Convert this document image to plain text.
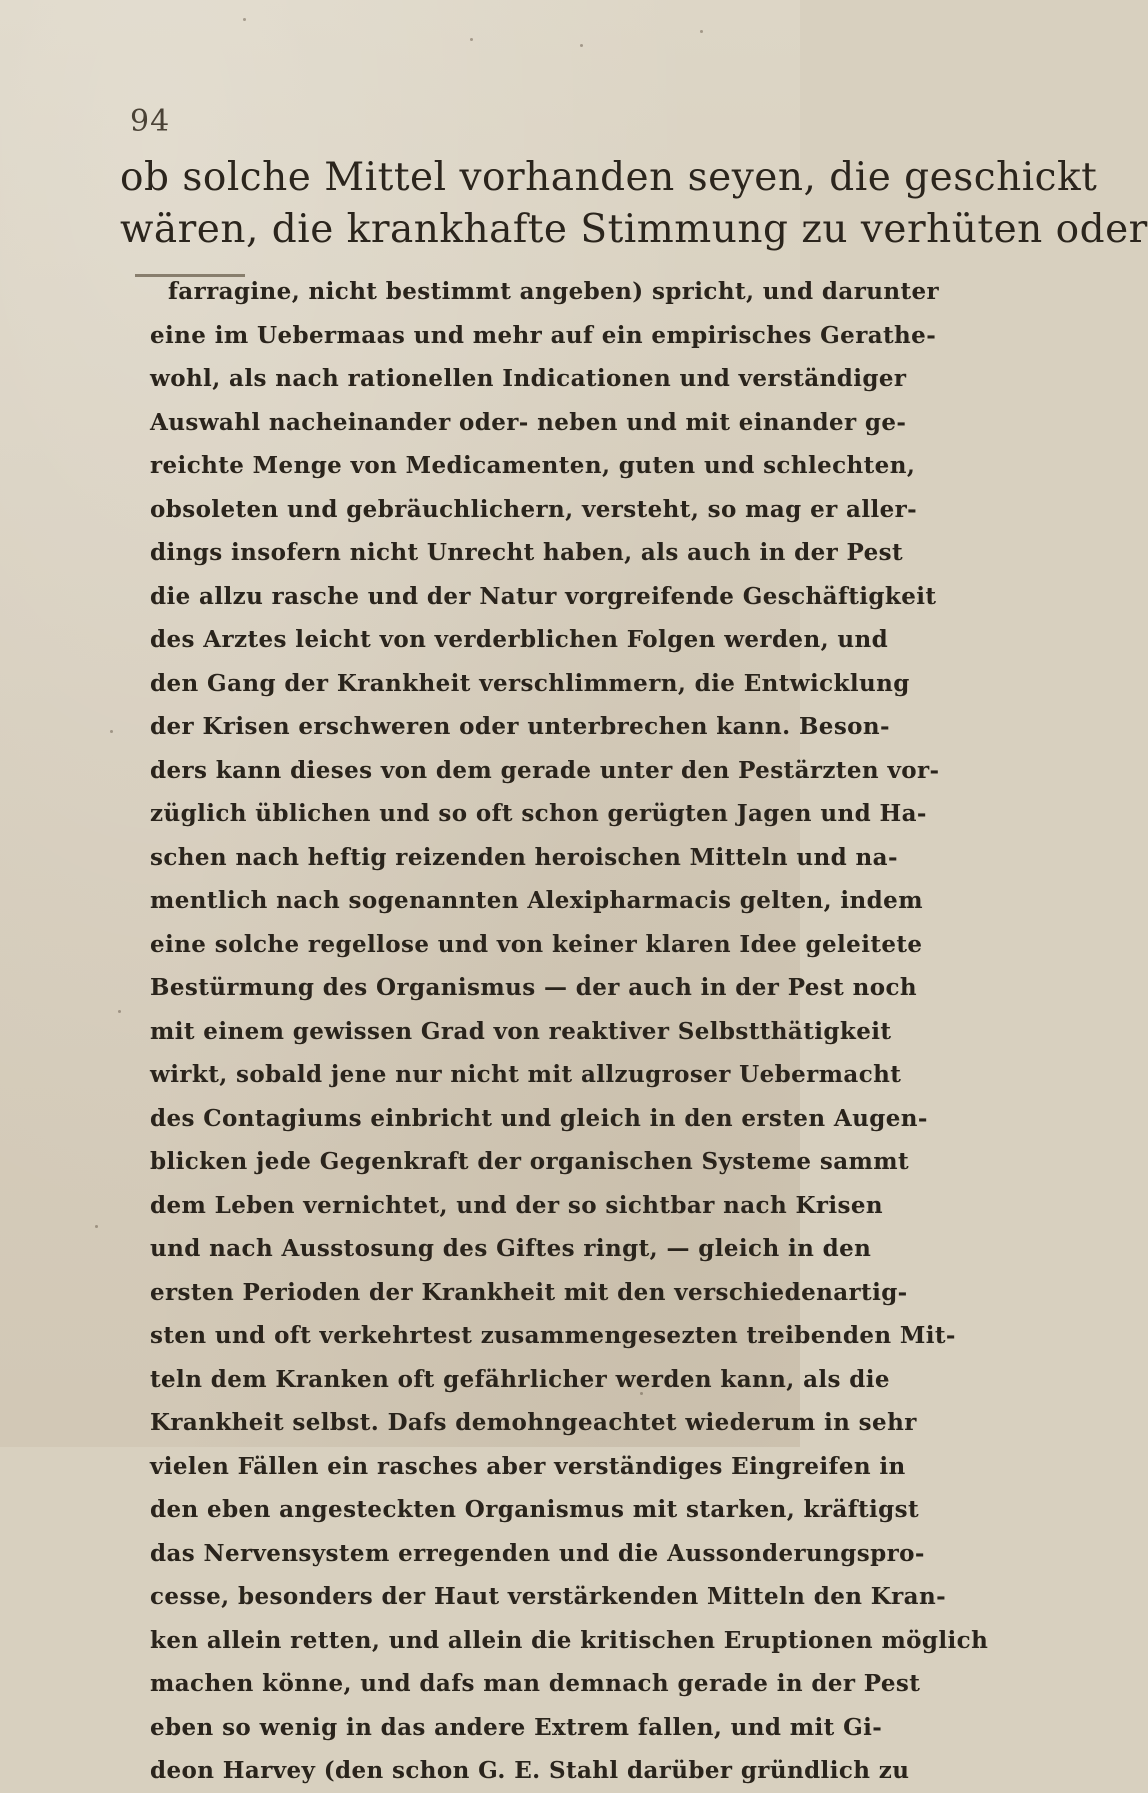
94
ob solche Mittel vorhanden seyen, die geschickt
wären, die krankhafte Stimmung zu verhüten oder
farragine, nicht bestimmt angeben) spricht, und darunter
eine im Uebermaas und mehr auf ein empirisches Gerathe-
wohl, als nach rationellen Indicationen und verständiger
Auswahl nacheinander oder- neben und mit einander ge-
reichte Menge von Medicamenten, guten und schlechten,
obsoleten und gebräuchlichern, versteht, so mag er aller-
dings insofern nicht Unrecht haben, als auch in der Pest
die allzu rasche und der Natur vorgreifende Geschäftigkeit
des Arztes leicht von verderblichen Folgen werden, und
den Gang der Krankheit verschlimmern, die Entwicklung
der Krisen erschweren oder unterbrechen kann. Beson-
ders kann dieses von dem gerade unter den Pestärzten vor-
züglich üblichen und so oft schon gerügten Jagen und Ha-
schen nach heftig reizenden heroischen Mitteln und na-
mentlich nach sogenannten Alexipharmacis gelten, indem
eine solche regellose und von keiner klaren Idee geleitete
Bestürmung des Organismus — der auch in der Pest noch
mit einem gewissen Grad von reaktiver Selbstthätigkeit
wirkt, sobald jene nur nicht mit allzugroser Uebermacht
des Contagiums einbricht und gleich in den ersten Augen-
blicken jede Gegenkraft der organischen Systeme sammt
dem Leben vernichtet, und der so sichtbar nach Krisen
und nach Ausstosung des Giftes ringt, — gleich in den
ersten Perioden der Krankheit mit den verschiedenartig-
sten und oft verkehrtest zusammengesezten treibenden Mit-
teln dem Kranken oft gefährlicher werden kann, als die
Krankheit selbst. Dafs demohngeachtet wiederum in sehr
vielen Fällen ein rasches aber verständiges Eingreifen in
den eben angesteckten Organismus mit starken, kräftigst
das Nervensystem erregenden und die Aussonderungspro-
cesse, besonders der Haut verstärkenden Mitteln den Kran-
ken allein retten, und allein die kritischen Eruptionen möglich
machen könne, und dafs man demnach gerade in der Pest
eben so wenig in das andere Extrem fallen, und mit Gi-
deon Harvey (den schon G. E. Stahl darüber gründlich zu
